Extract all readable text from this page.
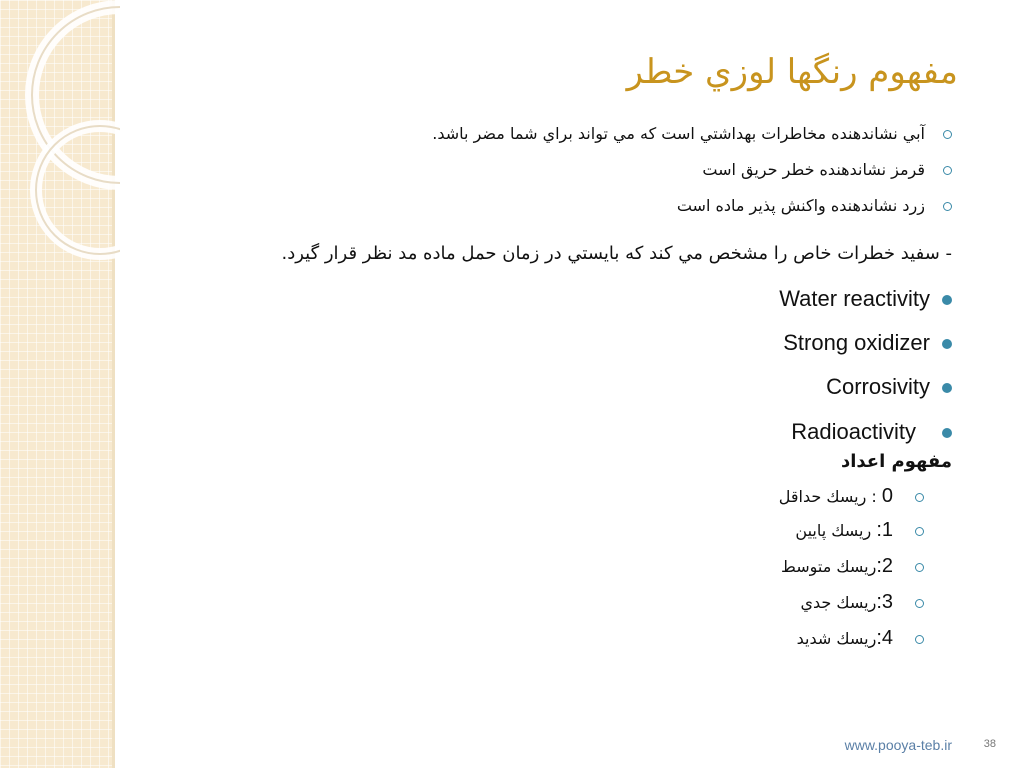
مفهوم رنگها لوزي خطر
آبي نشاندهنده مخاطرات بهداشتي است كه مي تواند براي شما مضر باشد.
قرمز نشاندهنده خطر حريق است
زرد نشاندهنده واكنش پذير ماده است
- سفيد خطرات خاص را مشخص مي كند كه بايستي در زمان حمل ماده مد نظر قرار گيرد.
Water reactivity
Strong oxidizer
Corrosivity
Radioactivity
مفهوم اعداد
0 : ريسك حداقل
1: ريسك پايين
2:ريسك متوسط
3:ريسك جدي
4:ريسك شديد
www.pooya-teb.ir	38
